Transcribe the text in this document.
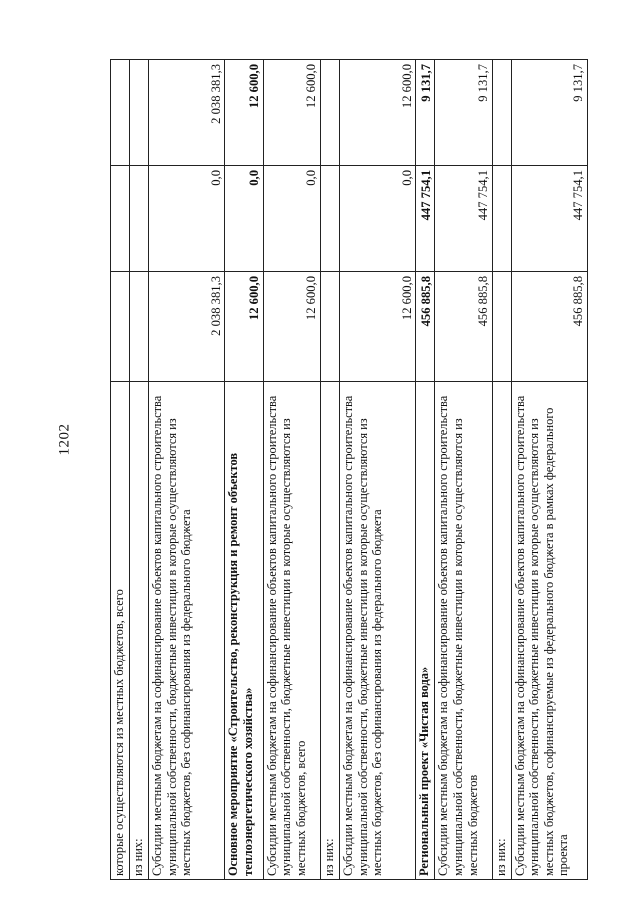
1202
которые осуществляются из местных бюджетов, всего			
из них:			
Субсидии местным бюджетам на софинансирование объектов капитального строительства муниципальной собственности, бюджетные инвестиции в которые осуществляются из местных бюджетов, без софинансирования из федерального бюджета	2 038 381,3	0,0	2 038 381,3
Основное мероприятие «Строительство, реконструкция и ремонт объектов теплоэнергетического хозяйства»	12 600,0	0,0	12 600,0
Субсидии местным бюджетам на софинансирование объектов капитального строительства муниципальной собственности, бюджетные инвестиции в которые осуществляются из местных бюджетов, всего	12 600,0	0,0	12 600,0
из них:			
Субсидии местным бюджетам на софинансирование объектов капитального строительства муниципальной собственности, бюджетные инвестиции в которые осуществляются из местных бюджетов, без софинансирования из федерального бюджета	12 600,0	0,0	12 600,0
Региональный проект «Чистая вода»	456 885,8	447 754,1	9 131,7
Субсидии местным бюджетам на софинансирование объектов капитального строительства муниципальной собственности, бюджетные инвестиции в которые осуществляются из местных бюджетов	456 885,8	447 754,1	9 131,7
из них:			
Субсидии местным бюджетам на софинансирование объектов капитального строительства муниципальной собственности, бюджетные инвестиции в которые осуществляются из местных бюджетов, софинансируемые из федерального бюджета в рамках федерального проекта	456 885,8	447 754,1	9 131,7
